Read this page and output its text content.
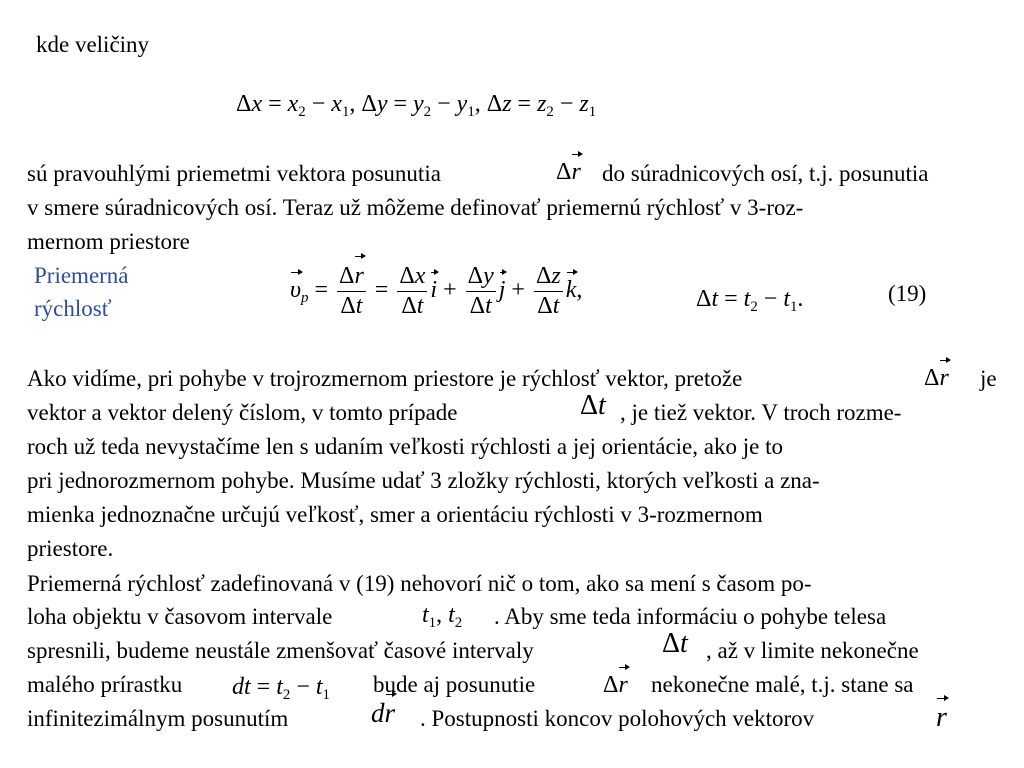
kde veličiny
$\Delta x = x_2 - x_1$, $\Delta y = y_2 - y_1$, $\Delta z = z_2 - z_1$
sú pravouhlými priemetmi vektora posunutia	Δr do súradnicových osí, t.j. posunutia
v smere súradnicových osí. Teraz už môžeme definovať priemernú rýchlosť v 3-roz-
mernom priestore
Priemerná
rýchlosť
$\upsilon_p = \frac{\Delta r}{\Delta t} = \frac{\Delta x}{\Delta t}$ $i + \frac{\Delta y}{\Delta t}$ $j + \frac{\Delta z}{\Delta t} k$,	$\Delta t = t_2 - t_1$.	(19)
Ako vidíme, pri pohybe v trojrozmernom priestore je rýchlosť vektor, pretože	Δr je
vektor a vektor delený číslom, v tomto prípade	Δt , je tiež vektor. V troch rozme-
roch už teda nevystačíme len s udaním veľkosti rýchlosti a jej orientácie, ako je to
pri jednorozmernom pohybe. Musíme udať 3 zložky rýchlosti, ktorých veľkosti a zna-
mienka jednoznačne určujú veľkosť, smer a orientáciu rýchlosti v 3-rozmernom
priestore.
Priemerná rýchlosť zadefinovaná v (19) nehovorí nič o tom, ako sa mení s časom po-
loha objektu v časovom intervale	$t_1$, $t_2$ . Aby sme teda informáciu o pohybe telesa
spresnili, budeme neustále zmenšovať časové intervaly	Δt , až v limite nekonečne
malého prírastku dt = $t_2 - t_1$ bude aj posunutie	Δr nekonečne malé, t.j. stane sa
infinitezimálnym posunutím	dr . Postupnosti koncov polohových vektorov	r
